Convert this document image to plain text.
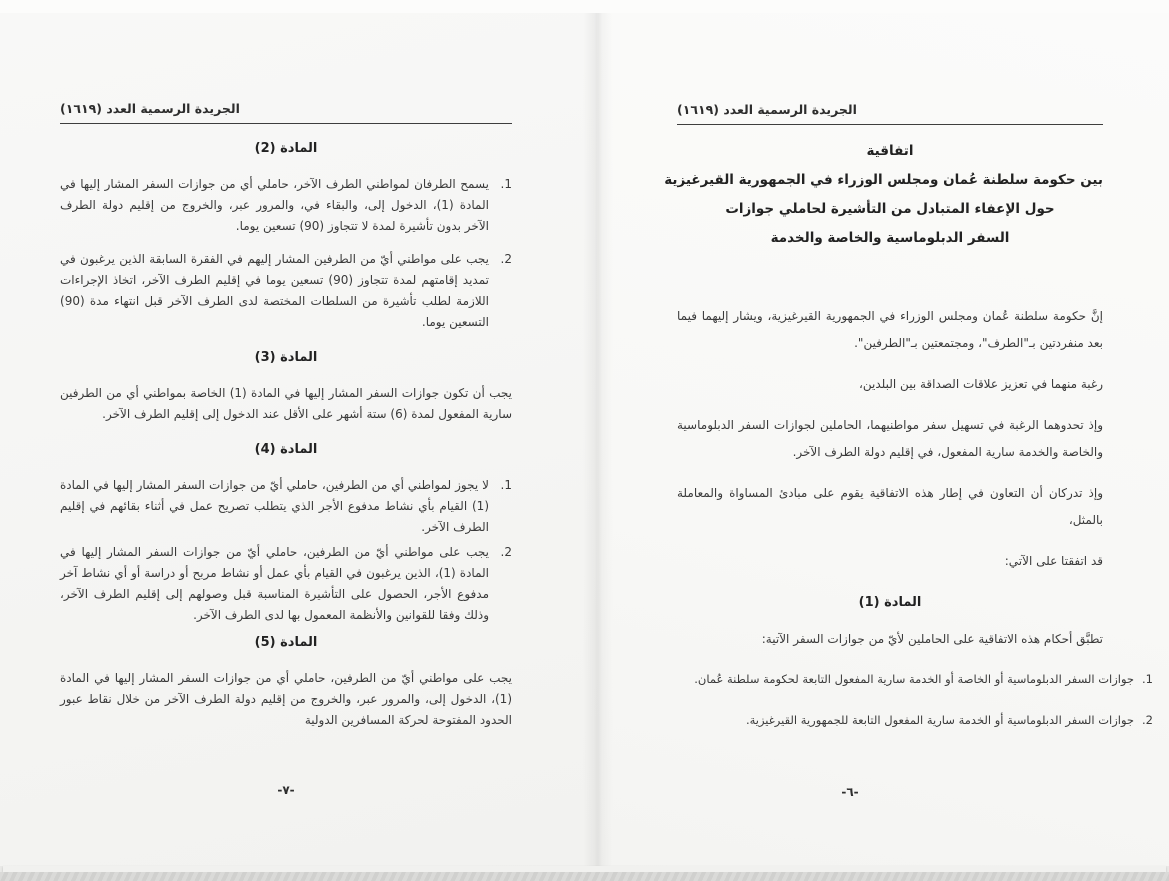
الجريدة الرسمية العدد (١٦١٩)
المادة (2)
1.
يسمح الطرفان لمواطني الطرف الآخر، حاملي أي من جوازات السفر المشار إليها في المادة (1)، الدخول إلى، والبقاء في، والمرور عبر، والخروج من إقليم دولة الطرف الآخر بدون تأشيرة لمدة لا تتجاوز (90) تسعين يوما.
2.
يجب على مواطني أيّ من الطرفين المشار إليهم في الفقرة السابقة الذين يرغبون في تمديد إقامتهم لمدة تتجاوز (90) تسعين يوما في إقليم الطرف الآخر، اتخاذ الإجراءات اللازمة لطلب تأشيرة من السلطات المختصة لدى الطرف الآخر قبل انتهاء مدة (90) التسعين يوما.
المادة (3)
يجب أن تكون جوازات السفر المشار إليها في المادة (1) الخاصة بمواطني أي من الطرفين سارية المفعول لمدة (6) ستة أشهر على الأقل عند الدخول إلى إقليم الطرف الآخر.
المادة (4)
1.
لا يجوز لمواطني أي من الطرفين، حاملي أيّ من جوازات السفر المشار إليها في المادة (1) القيام بأي نشاط مدفوع الأجر الذي يتطلب تصريح عمل في أثناء بقائهم في إقليم الطرف الآخر.
2.
يجب على مواطني أيّ من الطرفين، حاملي أيّ من جوازات السفر المشار إليها في المادة (1)، الذين يرغبون في القيام بأي عمل أو نشاط مربح أو دراسة أو أي نشاط آخر مدفوع الأجر، الحصول على التأشيرة المناسبة قبل وصولهم إلى إقليم الطرف الآخر، وذلك وفقا للقوانين والأنظمة المعمول بها لدى الطرف الآخر.
المادة (5)
يجب على مواطني أيّ من الطرفين، حاملي أي من جوازات السفر المشار إليها في المادة (1)، الدخول إلى، والمرور عبر، والخروج من إقليم دولة الطرف الآخر من خلال نقاط عبور الحدود المفتوحة لحركة المسافرين الدولية
-٧-
الجريدة الرسمية العدد (١٦١٩)
اتفاقية
بين حكومة سلطنة عُمان ومجلس الوزراء في الجمهورية القيرغيزية
حول الإعفاء المتبادل من التأشيرة لحاملي جوازات
السفر الدبلوماسية والخاصة والخدمة

إنَّ حكومة سلطنة عُمان ومجلس الوزراء في الجمهورية القيرغيزية، ويشار إليهما فيما بعد منفردتين بـ"الطرف"، ومجتمعتين بـ"الطرفين".

رغبة منهما في تعزيز علاقات الصداقة بين البلدين،

وإذ تحدوهما الرغبة في تسهيل سفر مواطنيهما، الحاملين لجوازات السفر الدبلوماسية والخاصة والخدمة سارية المفعول، في إقليم دولة الطرف الآخر.

وإذ تدركان أن التعاون في إطار هذه الاتفاقية يقوم على مبادئ المساواة والمعاملة بالمثل،

قد اتفقتا على الآتي:

المادة (1)
تطبَّق أحكام هذه الاتفاقية على الحاملين لأيّ من جوازات السفر الآتية:
1.
جوازات السفر الدبلوماسية أو الخاصة أو الخدمة سارية المفعول التابعة لحكومة سلطنة عُمان.
2.
جوازات السفر الدبلوماسية أو الخدمة سارية المفعول التابعة للجمهورية القيرغيزية.
-٦-
